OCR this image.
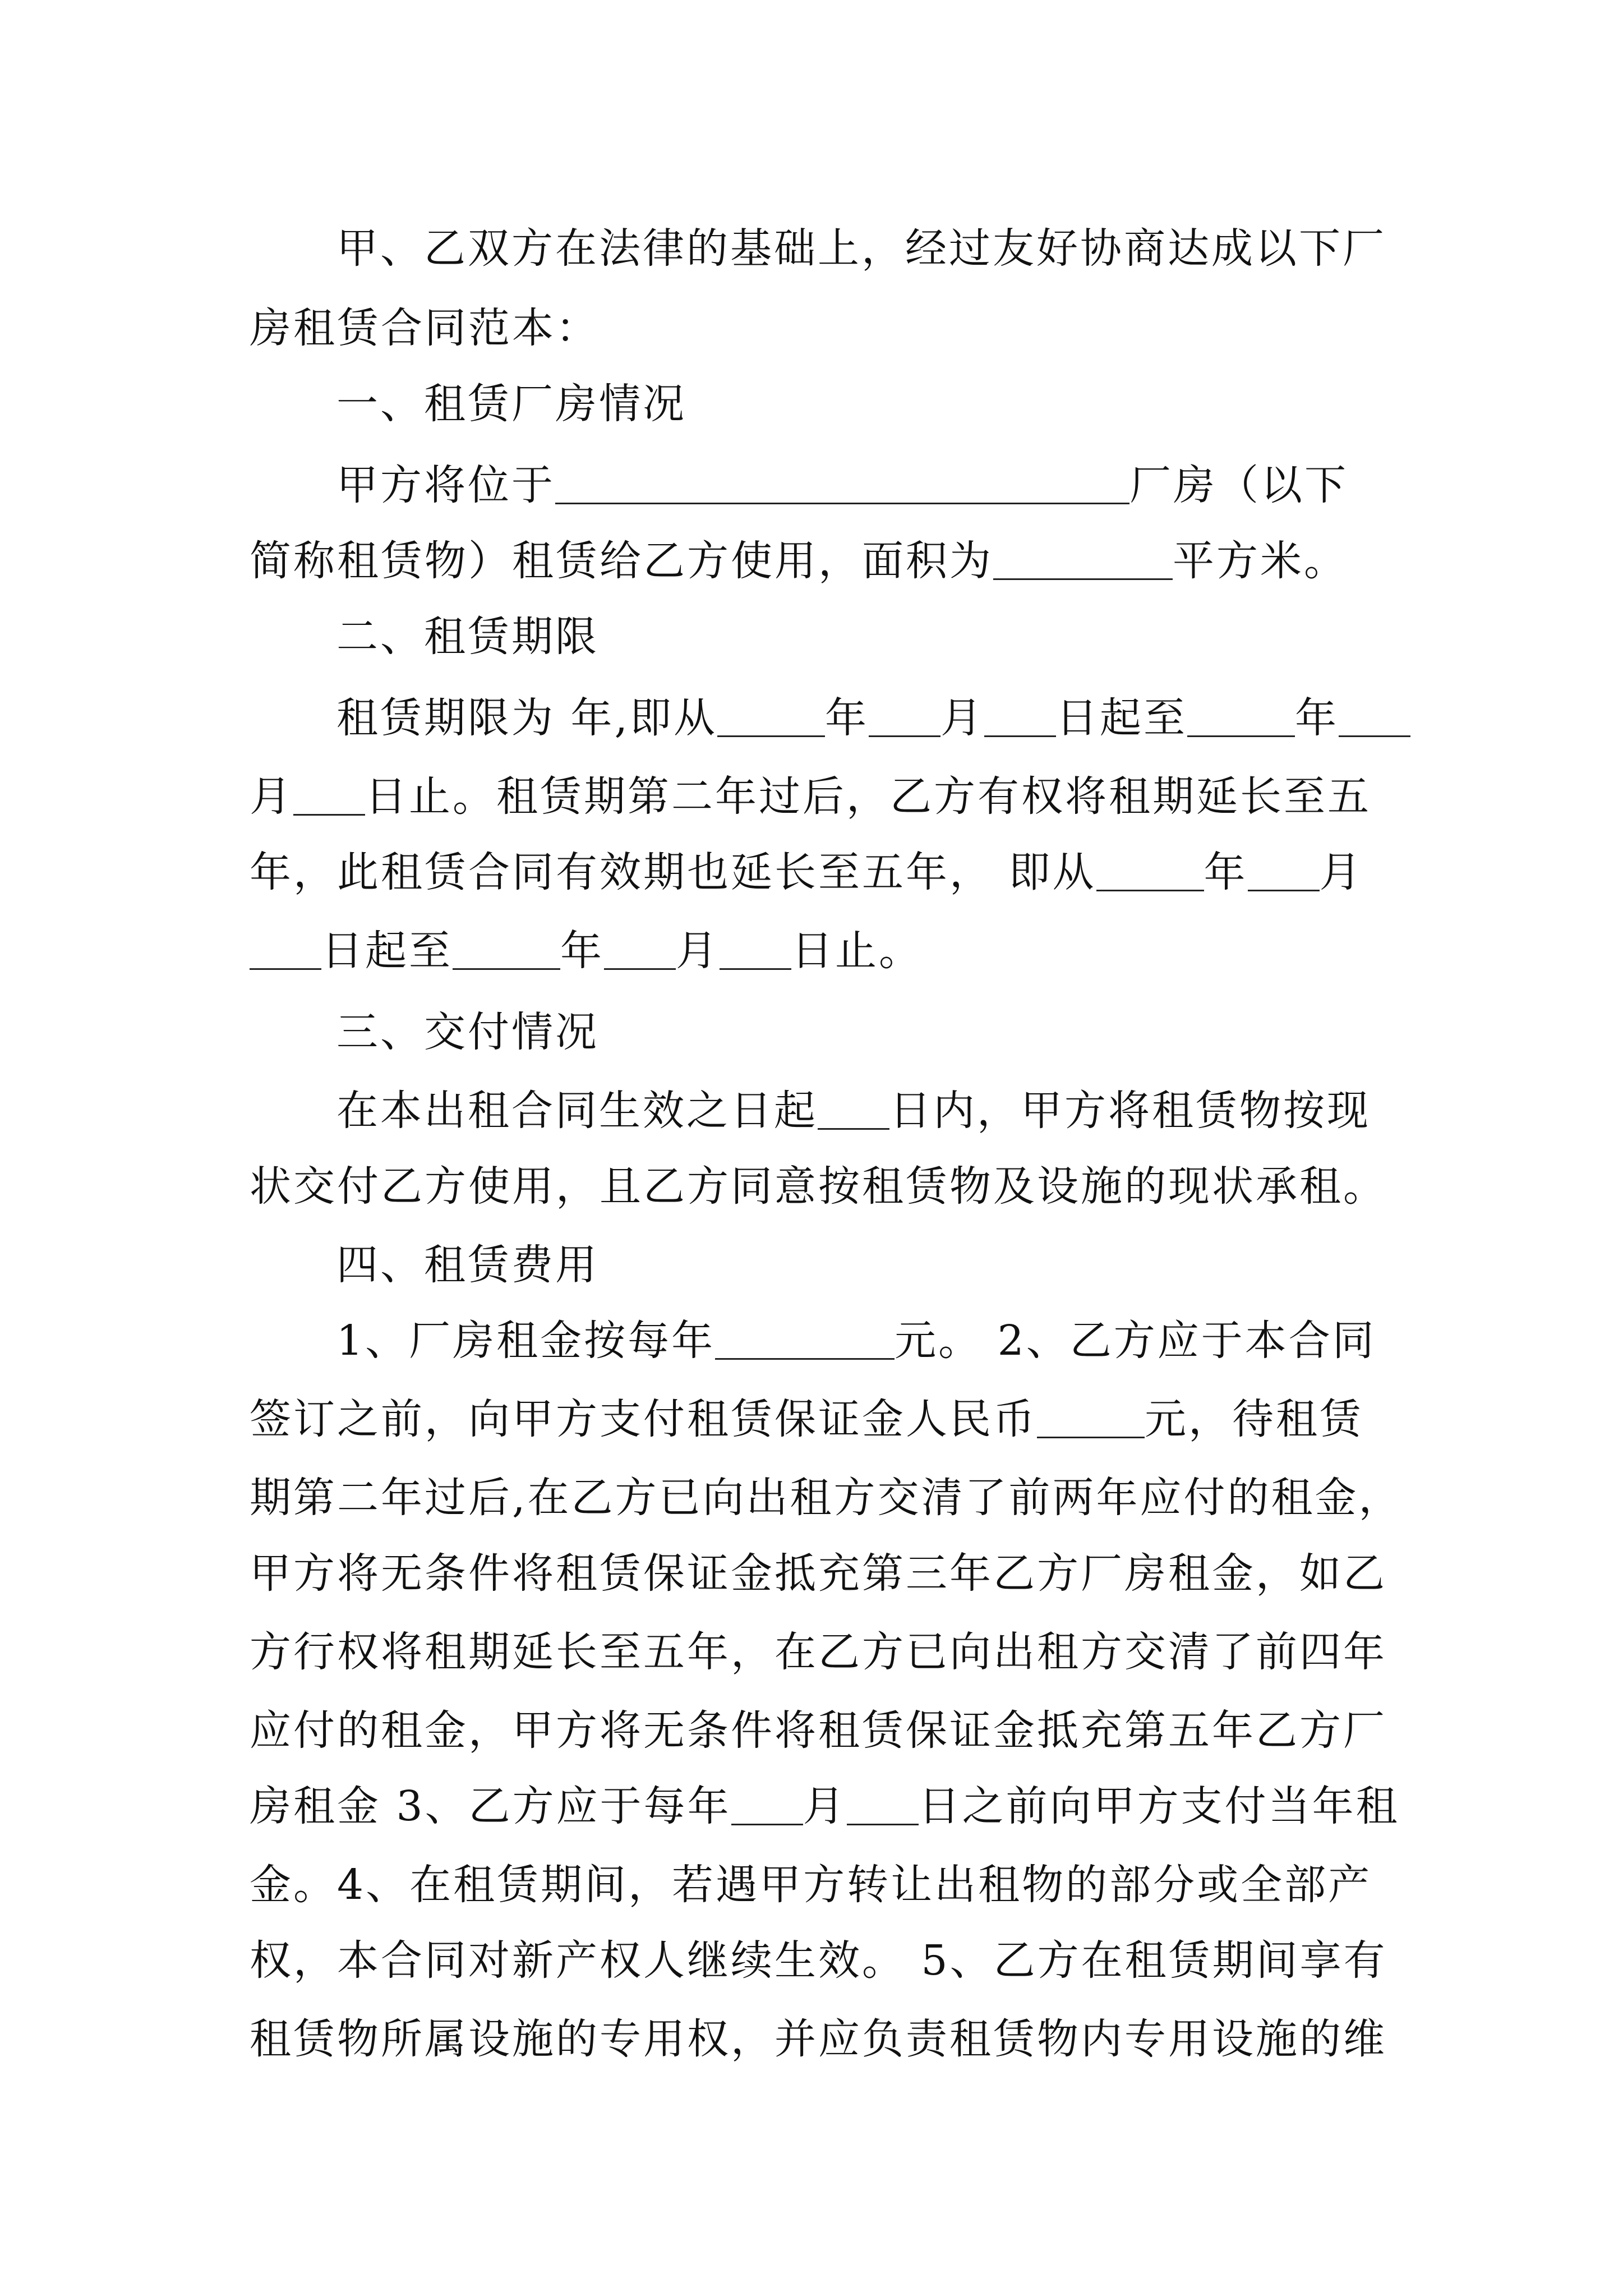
甲、乙双方在法律的基础上，经过友好协商达成以下厂
房租赁合同范本：
一、租赁厂房情况
甲方将位于	厂房（以下
简称租赁物）租赁给乙方使用，面积为	平方米。
二、租赁期限
租赁期限为 年,即从	年 月 日起至	年
月 日止。租赁期第二年过后，乙方有权将租期延长至五
年，此租赁合同有效期也延长至五年， 即从	年 月
日起至	年 月 日止。
三、交付情况
在本出租合同生效之日起 日内，甲方将租赁物按现
状交付乙方使用，且乙方同意按租赁物及设施的现状承租。
四、租赁费用
1、厂房租金按每年	元。 2、乙方应于本合同
签订之前，向甲方支付租赁保证金人民币	元，待租赁
期第二年过后,在乙方已向出租方交清了前两年应付的租金，
甲方将无条件将租赁保证金抵充第三年乙方厂房租金，如乙
方行权将租期延长至五年，在乙方已向出租方交清了前四年
应付的租金，甲方将无条件将租赁保证金抵充第五年乙方厂
房租金 3、乙方应于每年 月 日之前向甲方支付当年租
金。4、在租赁期间，若遇甲方转让出租物的部分或全部产
权，本合同对新产权人继续生效。 5、乙方在租赁期间享有
租赁物所属设施的专用权，并应负责租赁物内专用设施的维
